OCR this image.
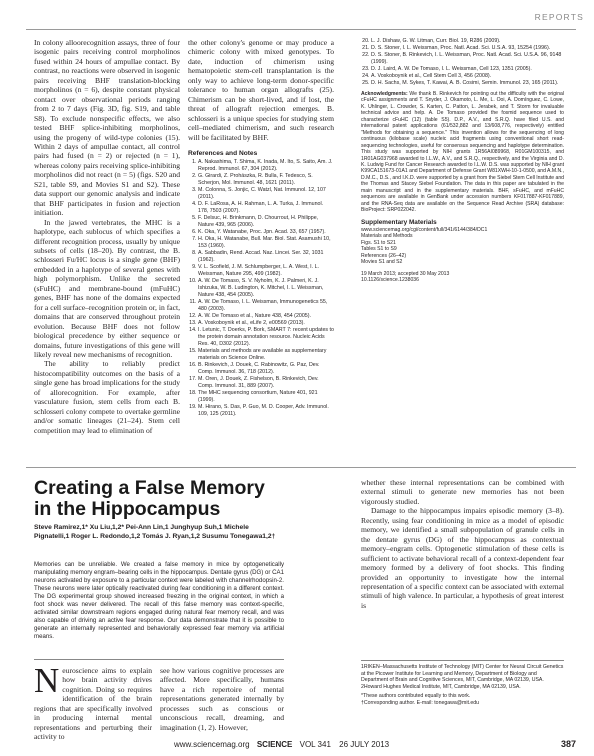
REPORTS

In colony alloorecognition assays, three of four isogenic pairs receiving control morpholinos fused within 24 hours of ampullae contact. By contrast, no reactions were observed in isogenic pairs receiving BHF translation-blocking morpholinos (n = 6), despite constant physical contact over observational periods ranging from 2 to 7 days (Fig. 3D, fig. S19, and table S8). To exclude nonspecific effects, we also tested BHF splice-inhibiting morpholinos, using the progeny of wild-type colonies (15). Within 2 days of ampullae contact, all control pairs had fused (n = 2) or rejected (n = 1), whereas colony pairs receiving splice-inhibiting morpholinos did not react (n = 5) (figs. S20 and S21, table S9, and Movies S1 and S2). These data support our genomic analysis and indicate that BHF participates in fusion and rejection initiation.

In the jawed vertebrates, the MHC is a haplotype, each sublocus of which specifies a different recognition process, usually by unique subsets of cells (18–20). By contrast, the B. schlosseri Fu/HC locus is a single gene (BHF) embedded in a haplotype of several genes with high polymorphism. Unlike the secreted (sFuHC) and membrane-bound (mFuHC) genes, BHF has none of the domains expected for a cell surface–recognition protein or, in fact, domains that are conserved throughout protein evolution. Because BHF does not follow biological precedence by either sequence or domains, future investigations of this gene will likely reveal new mechanisms of recognition.

The ability to reliably predict histocompatibility outcomes on the basis of a single gene has broad implications for the study of allorecognition. For example, after vasculature fusion, stem cells from each B. schlosseri colony compete to overtake germline and/or somatic lineages (21–24). Stem cell competition may lead to elimination of

the other colony's genome or may produce a chimeric colony with mixed genotypes. To date, induction of chimerism using hematopoietic stem-cell transplantation is the only way to achieve long-term donor-specific tolerance to human organ allografts (25). Chimerism can be short-lived, and if lost, the threat of allograft rejection emerges. B. schlosseri is a unique species for studying stem cell–mediated chimerism, and such research will be facilitated by BHF.
References and Notes
1. A. Nakashima, T. Shima, K. Inada, M. Ito, S. Saito, Am. J. Reprod. Immunol. 67, 304 (2012).
2. G. Girardi, Z. Prohászka, R. Bulla, F. Tedesco, S. Scherjon, Mol. Immunol. 48, 1621 (2011).
3. M. Colonna, S. Jonjic, C. Watzl, Nat. Immunol. 12, 107 (2011).
4. D. F. LaRosa, A. H. Rahman, L. A. Turka, J. Immunol. 178, 7503 (2007).
5. F. Delsuc, H. Brinkmann, D. Chourrout, H. Philippe, Nature 439, 965 (2006).
6. K. Oka, Y. Watanabe, Proc. Jpn. Acad. 33, 657 (1957).
7. H. Oka, H. Watanabe, Bull. Mar. Biol. Stat. Asamushi 10, 153 (1960).
8. A. Sabbadin, Rend. Accad. Naz. Lincei. Ser. 32, 1031 (1962).
9. V. L. Scofield, J. M. Schlumpberger, L. A. West, I. L. Weissman, Nature 295, 499 (1982).
10. A. W. De Tomaso, S. V. Nyholm, K. J. Palmeri, K. J. Ishizuka, W. B. Ludington, K. Mitchel, I. L. Weissman, Nature 438, 454 (2005).
11. A. W. De Tomaso, I. L. Weissman, Immunogenetics 55, 480 (2003).
12. A. W. De Tomaso et al., Nature 438, 454 (2005).
13. A. Voskoboynik et al., eLife 2, e00569 (2013).
14. I. Letunic, T. Doerks, P. Bork, SMART 7: recent updates to the protein domain annotation resource. Nucleic Acids Res. 40, D302 (2012).
15. Materials and methods are available as supplementary materials on Science Online.
16. B. Rinkevich, J. Douek, C. Rabinowitz, G. Paz, Dev. Comp. Immunol. 36, 718 (2012).
17. M. Oren, J. Douek, Z. Fishelson, B. Rinkevich, Dev. Comp. Immunol. 31, 889 (2007).
18. The MHC sequencing consortium, Nature 401, 921 (1999).
19. M. Hirano, S. Das, P. Guo, M. D. Cooper, Adv. Immunol. 109, 125 (2011).
20. L. J. Dishaw, G. W. Litman, Curr. Biol. 19, R286 (2009).
21. D. S. Stoner, I. L. Weissman, Proc. Natl. Acad. Sci. U.S.A. 93, 15254 (1996).
22. D. S. Stoner, B. Rinkevich, I. L. Weissman, Proc. Natl. Acad. Sci. U.S.A. 96, 9148 (1999).
23. D. J. Laird, A. W. De Tomaso, I. L. Weissman, Cell 123, 1351 (2005).
24. A. Voskoboynik et al., Cell Stem Cell 3, 456 (2008).
25. D. H. Sachs, M. Sykes, T. Kawai, A. B. Cosimi, Semin. Immunol. 23, 165 (2011).
Acknowledgments: We thank B. Rinkevich for pointing out the difficulty with the original cFuHC assignments and T. Snyder, J. Okamoto, L. Me, L. Ooi, A. Domínguez, C. Lowe, K. Uhlinger, L. Crowder, S. Karten, C. Patton, L. Jerabek, and T. Storm for invaluable technical advice and help. A. De Tomaso provided the fosmid sequence used to characterize cFuHC (12) (table S5). D.P., A.V., and S.R.Q. have filed U.S. and international patent applications (61/532,882 and 13/608,776, respectively) entitled "Methods for obtaining a sequence." This invention allows for the sequencing of long continuous (kilobase scale) nucleic acid fragments using conventional short read-sequencing technologies, useful for consensus sequencing and haplotype determination. This study was supported by NIH grants 1R56AI089968, R01GM100315, and 1R01AG037968 awarded to I.L.W., A.V., and S.R.Q., respectively, and the Virginia and D. K. Ludwig Fund for Cancer Research awarded to I.L.W. D.S. was supported by NIH grant K99CA151673-01A1 and Department of Defense Grant W81XWH-10-1-0500, and A.M.N., D.M.C., D.S., and I.K.D. were supported by a grant from the Siebel Stem Cell Institute and the Thomas and Stacey Siebel Foundation. The data in this paper are tabulated in the main manuscript and in the supplementary materials. BHF, sFuHC, and mFuHC sequences are available in GenBank under accession numbers KF017887-KF017889, and the RNA-Seq data are available on the Sequence Read Archive (SRA) database: BioProject: SRP022042.
Supplementary Materials
www.sciencemag.org/cgi/content/full/341/6144/384/DC1
Materials and Methods
Figs. S1 to S21
Tables S1 to S9
References (26–42)
Movies S1 and S2
19 March 2013; accepted 30 May 2013
10.1126/science.1238036
Creating a False Memory in the Hippocampus
Steve Ramirez,1* Xu Liu,1,2* Pei-Ann Lin,1 Junghyup Suh,1 Michele Pignatelli,1 Roger L. Redondo,1,2 Tomás J. Ryan,1,2 Susumu Tonegawa1,2†
Memories can be unreliable. We created a false memory in mice by optogenetically manipulating memory engram–bearing cells in the hippocampus. Dentate gyrus (DG) or CA1 neurons activated by exposure to a particular context were labeled with channelrhodopsin-2. These neurons were later optically reactivated during fear conditioning in a different context. The DG experimental group showed increased freezing in the original context, in which a foot shock was never delivered. The recall of this false memory was context-specific, activated similar downstream regions engaged during natural fear memory recall, and was also capable of driving an active fear response. Our data demonstrate that it is possible to generate an internally represented and behaviorally expressed fear memory via artificial means.
Neuroscience aims to explain how brain activity drives cognition. Doing so requires identification of the brain regions that are specifically involved in producing internal mental representations and perturbing their activity to
see how various cognitive processes are affected. More specifically, humans have a rich repertoire of mental representations generated internally by processes such as conscious or unconscious recall, dreaming, and imagination (1, 2). However,

whether these internal representations can be combined with external stimuli to generate new memories has not been vigorously studied.

Damage to the hippocampus impairs episodic memory (3–8). Recently, using fear conditioning in mice as a model of episodic memory, we identified a small subpopulation of granule cells in the dentate gyrus (DG) of the hippocampus as contextual memory–engram cells. Optogenetic stimulation of these cells is sufficient to activate behavioral recall of a context-dependent fear memory formed by a delivery of foot shocks. This finding provided an opportunity to investigate how the internal representation of a specific context can be associated with external stimuli of high valence. In particular, a hypothesis of great interest is

1RIKEN–Massachusetts Institute of Technology (MIT) Center for Neural Circuit Genetics at the Picower Institute for Learning and Memory, Department of Biology and Department of Brain and Cognitive Sciences, MIT, Cambridge, MA 02139, USA. 2Howard Hughes Medical Institute, MIT, Cambridge, MA 02139, USA.
*These authors contributed equally to this work.
†Corresponding author. E-mail: tonegawa@mit.edu
www.sciencemag.org SCIENCE VOL 341 26 JULY 2013	387
